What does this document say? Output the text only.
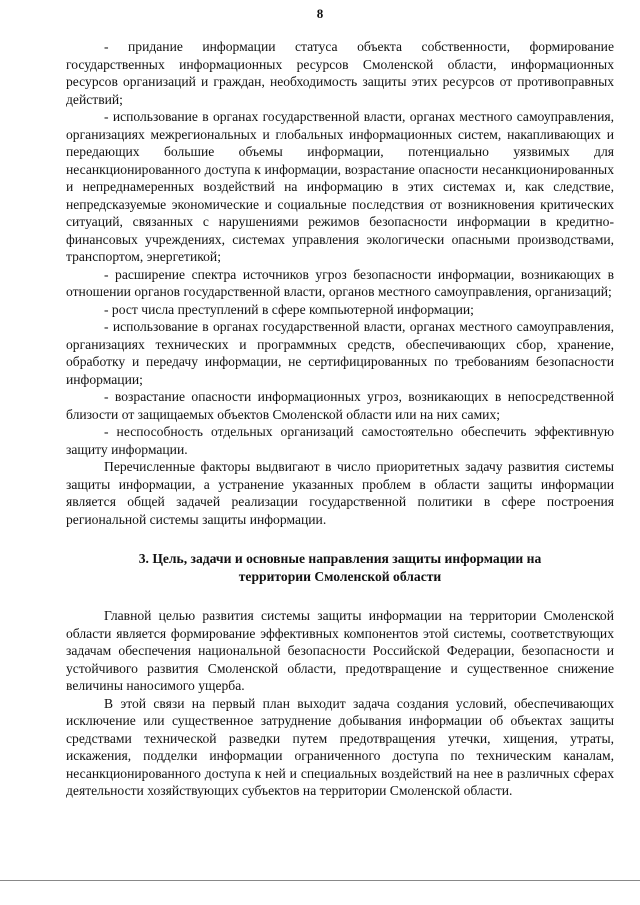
8

- придание информации статуса объекта собственности, формирование государственных информационных ресурсов Смоленской области, информационных ресурсов организаций и граждан, необходимость защиты этих ресурсов от противоправных действий;

- использование в органах государственной власти, органах местного самоуправления, организациях межрегиональных и глобальных информационных систем, накапливающих и передающих большие объемы информации, потенциально уязвимых для несанкционированного доступа к информации, возрастание опасности несанкционированных и непреднамеренных воздействий на информацию в этих системах и, как следствие, непредсказуемые экономические и социальные последствия от возникновения критических ситуаций, связанных с нарушениями режимов безопасности информации в кредитно-финансовых учреждениях, системах управления экологически опасными производствами, транспортом, энергетикой;

- расширение спектра источников угроз безопасности информации, возникающих в отношении органов государственной власти, органов местного самоуправления, организаций;

- рост числа преступлений в сфере компьютерной информации;

- использование в органах государственной власти, органах местного самоуправления, организациях технических и программных средств, обеспечивающих сбор, хранение, обработку и передачу информации, не сертифицированных по требованиям безопасности информации;

- возрастание опасности информационных угроз, возникающих в непосредственной близости от защищаемых объектов Смоленской области или на них самих;

- неспособность отдельных организаций самостоятельно обеспечить эффективную защиту информации.

Перечисленные факторы выдвигают в число приоритетных задачу развития системы защиты информации, а устранение указанных проблем в области защиты информации является общей задачей реализации государственной политики в сфере построения региональной системы защиты информации.

3. Цель, задачи и основные направления защиты информации на
территории Смоленской области

Главной целью развития системы защиты информации на территории Смоленской области является формирование эффективных компонентов этой системы, соответствующих задачам обеспечения национальной безопасности Российской Федерации, безопасности и устойчивого развития Смоленской области, предотвращение и существенное снижение величины наносимого ущерба.

В этой связи на первый план выходит задача создания условий, обеспечивающих исключение или существенное затруднение добывания информации об объектах защиты средствами технической разведки путем предотвращения утечки, хищения, утраты, искажения, подделки информации ограниченного доступа по техническим каналам, несанкционированного доступа к ней и специальных воздействий на нее в различных сферах деятельности хозяйствующих субъектов на территории Смоленской области.
